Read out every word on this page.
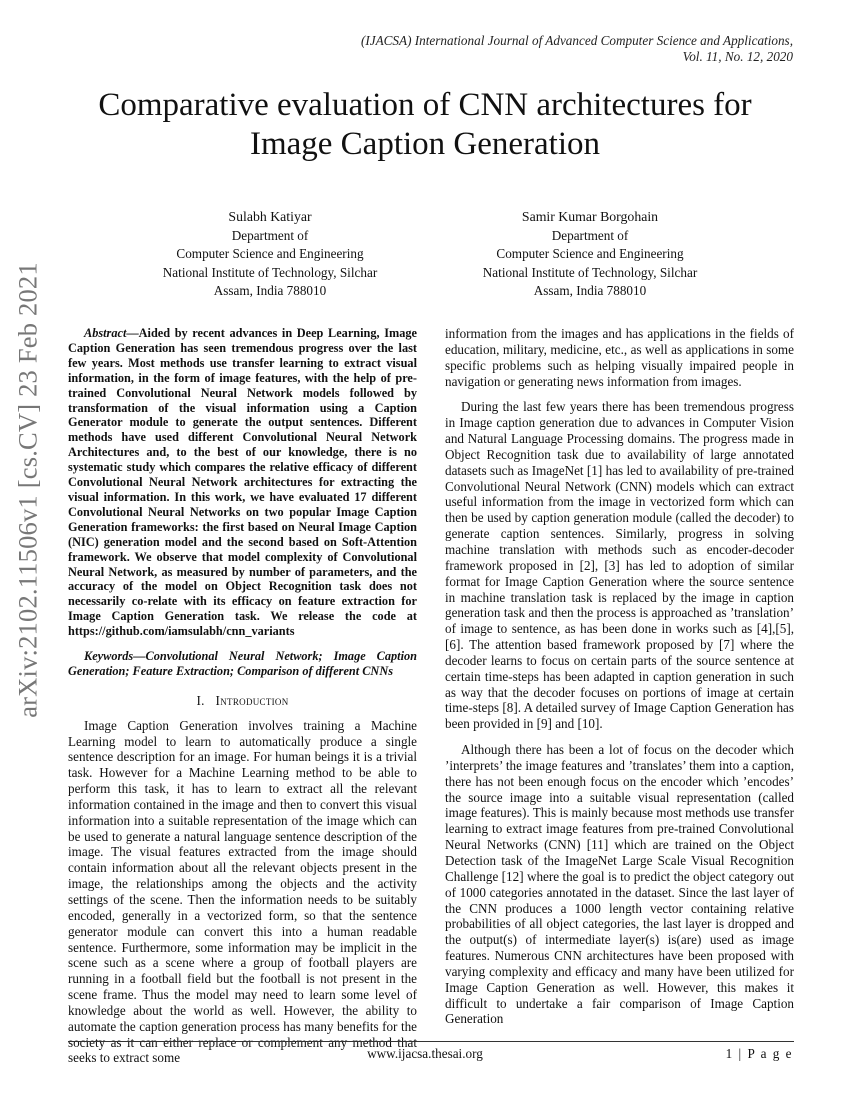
(IJACSA) International Journal of Advanced Computer Science and Applications,
Vol. 11, No. 12, 2020
Comparative evaluation of CNN architectures for
Image Caption Generation
Sulabh Katiyar
Department of
Computer Science and Engineering
National Institute of Technology, Silchar
Assam, India 788010
Samir Kumar Borgohain
Department of
Computer Science and Engineering
National Institute of Technology, Silchar
Assam, India 788010
arXiv:2102.11506v1 [cs.CV] 23 Feb 2021	Abstract—Aided by recent advances in Deep Learning, Image Caption Generation has seen tremendous progress over the last few years. Most methods use transfer learning to extract visual information, in the form of image features, with the help of pre-trained Convolutional Neural Network models followed by transformation of the visual information using a Caption Generator module to generate the output sentences. Different methods have used different Convolutional Neural Network Architectures and, to the best of our knowledge, there is no systematic study which compares the relative efficacy of different Convolutional Neural Network architectures for extracting the visual information. In this work, we have evaluated 17 different Convolutional Neural Networks on two popular Image Caption Generation frameworks: the first based on Neural Image Caption (NIC) generation model and the second based on Soft-Attention framework. We observe that model complexity of Convolutional Neural Network, as measured by number of parameters, and the accuracy of the model on Object Recognition task does not necessarily co-relate with its efficacy on feature extraction for Image Caption Generation task. We release the code at https://github.com/iamsulabh/cnn_variants

Keywords—Convolutional Neural Network; Image Caption Generation; Feature Extraction; Comparison of different CNNs

I. Introduction

Image Caption Generation involves training a Machine Learning model to learn to automatically produce a single sentence description for an image. For human beings it is a trivial task. However for a Machine Learning method to be able to perform this task, it has to learn to extract all the relevant information contained in the image and then to convert this visual information into a suitable representation of the image which can be used to generate a natural language sentence description of the image. The visual features extracted from the image should contain information about all the relevant objects present in the image, the relationships among the objects and the activity settings of the scene. Then the information needs to be suitably encoded, generally in a vectorized form, so that the sentence generator module can convert this into a human readable sentence. Furthermore, some information may be implicit in the scene such as a scene where a group of football players are running in a football field but the football is not present in the scene frame. Thus the model may need to learn some level of knowledge about the world as well. However, the ability to automate the caption generation process has many benefits for the society as it can either replace or complement any method that seeks to extract some

information from the images and has applications in the fields of education, military, medicine, etc., as well as applications in some specific problems such as helping visually impaired people in navigation or generating news information from images.

During the last few years there has been tremendous progress in Image caption generation due to advances in Computer Vision and Natural Language Processing domains. The progress made in Object Recognition task due to availability of large annotated datasets such as ImageNet [1] has led to availability of pre-trained Convolutional Neural Network (CNN) models which can extract useful information from the image in vectorized form which can then be used by caption generation module (called the decoder) to generate caption sentences. Similarly, progress in solving machine translation with methods such as encoder-decoder framework proposed in [2], [3] has led to adoption of similar format for Image Caption Generation where the source sentence in machine translation task is replaced by the image in caption generation task and then the process is approached as ’translation’ of image to sentence, as has been done in works such as [4],[5],[6]. The attention based framework proposed by [7] where the decoder learns to focus on certain parts of the source sentence at certain time-steps has been adapted in caption generation in such as way that the decoder focuses on portions of image at certain time-steps [8]. A detailed survey of Image Caption Generation has been provided in [9] and [10].

Although there has been a lot of focus on the decoder which ’interprets’ the image features and ’translates’ them into a caption, there has not been enough focus on the encoder which ’encodes’ the source image into a suitable visual representation (called image features). This is mainly because most methods use transfer learning to extract image features from pre-trained Convolutional Neural Networks (CNN) [11] which are trained on the Object Detection task of the ImageNet Large Scale Visual Recognition Challenge [12] where the goal is to predict the object category out of 1000 categories annotated in the dataset. Since the last layer of the CNN produces a 1000 length vector containing relative probabilities of all object categories, the last layer is dropped and the output(s) of intermediate layer(s) is(are) used as image features. Numerous CNN architectures have been proposed with varying complexity and efficacy and many have been utilized for Image Caption Generation as well. However, this makes it difficult to undertake a fair comparison of Image Caption Generation

www.ijacsa.thesai.org	1 | P a g e
